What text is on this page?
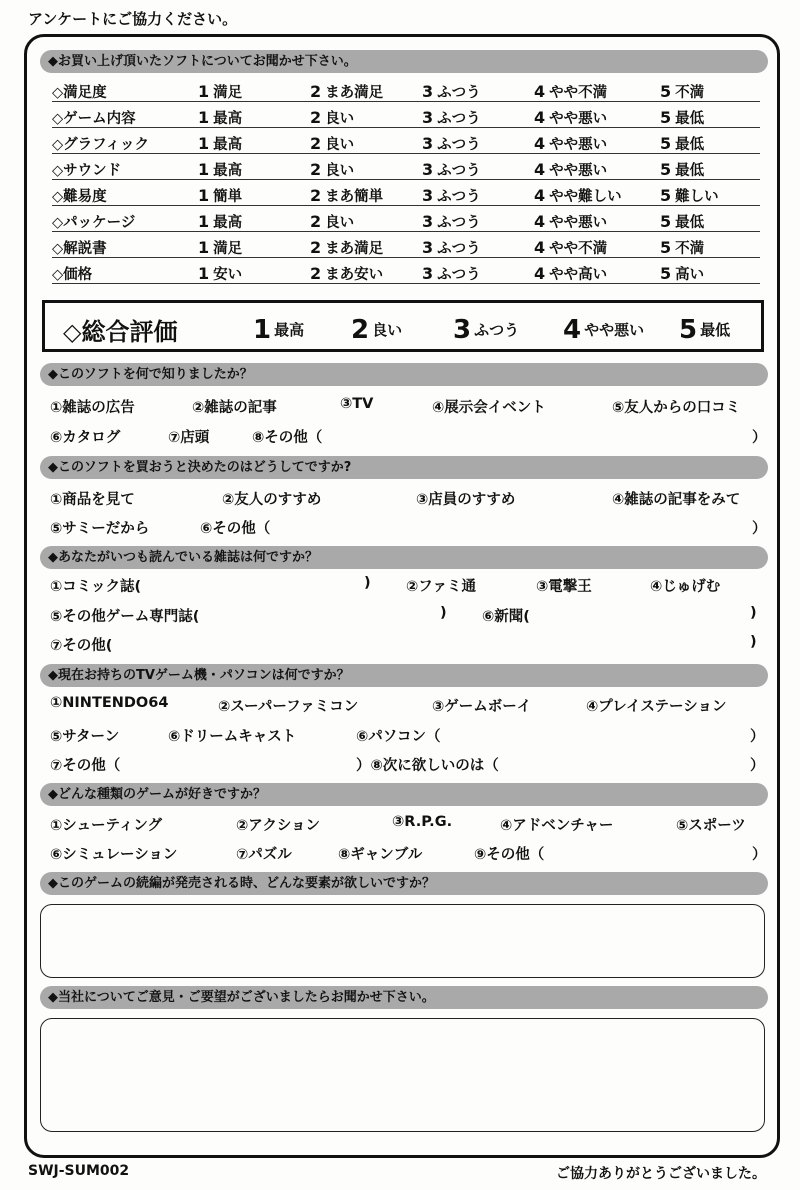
アンケートにご協力ください。
◆お買い上げ頂いたソフトについてお聞かせ下さい。
◇満足度	1 満足	2 まあ満足 3 ふつう	4 やや不満	5 不満
◇ゲーム内容	1 最高	2 良い	3 ふつう	4 やや悪い	5 最低
◇グラフィック	1 最高	2 良い	3 ふつう	4 やや悪い	5 最低
◇サウンド	1 最高	2 良い	3 ふつう	4 やや悪い	5 最低
◇難易度	1 簡単	2 まあ簡単 3 ふつう	4 やや難しい 5 難しい
◇パッケージ	1 最高	2 良い	3 ふつう	4 やや悪い	5 最低
◇解説書	1 満足	2 まあ満足 3 ふつう	4 やや不満	5 不満
◇価格	1 安い	2 まあ安い 3 ふつう	4 やや高い	5 高い
◇総合評価	1 最高 2 良い 3 ふつう 4 やや悪い 5 最低
◆このソフトを何で知りましたか？
①雑誌の広告	②雑誌の記事	③TV	④展示会イベント	⑤友人からの口コミ
⑥カタログ	⑦店頭	⑧その他（	）
◆このソフトを買おうと決めたのはどうしてですか?
①商品を見て	②友人のすすめ	③店員のすすめ	④雑誌の記事をみて
⑤サミーだから	⑥その他（	）
◆あなたがいつも読んでいる雑誌は何ですか？
①コミック誌(	) ②ファミ通	③電撃王	④じゅげむ
⑤その他ゲーム専門誌(	) ⑥新聞(	)
⑦その他(	)
◆現在お持ちのTVゲーム機・パソコンは何ですか？
①NINTENDO64	②スーパーファミコン	③ゲームボーイ	④プレイステーション
⑤サターン	⑥ドリームキャスト	⑥パソコン（	）
⑦その他（	）⑧次に欲しいのは（	）
◆どんな種類のゲームが好きですか？
①シューティング	②アクション	③R.P.G.	④アドベンチャー	⑤スポーツ
⑥シミュレーション	⑦パズル	⑧ギャンブル	⑨その他（	）
◆このゲームの続編が発売される時、どんな要素が欲しいですか？
◆当社についてご意見・ご要望がございましたらお聞かせ下さい。
SWJ-SUM002	ご協力ありがとうございました。
